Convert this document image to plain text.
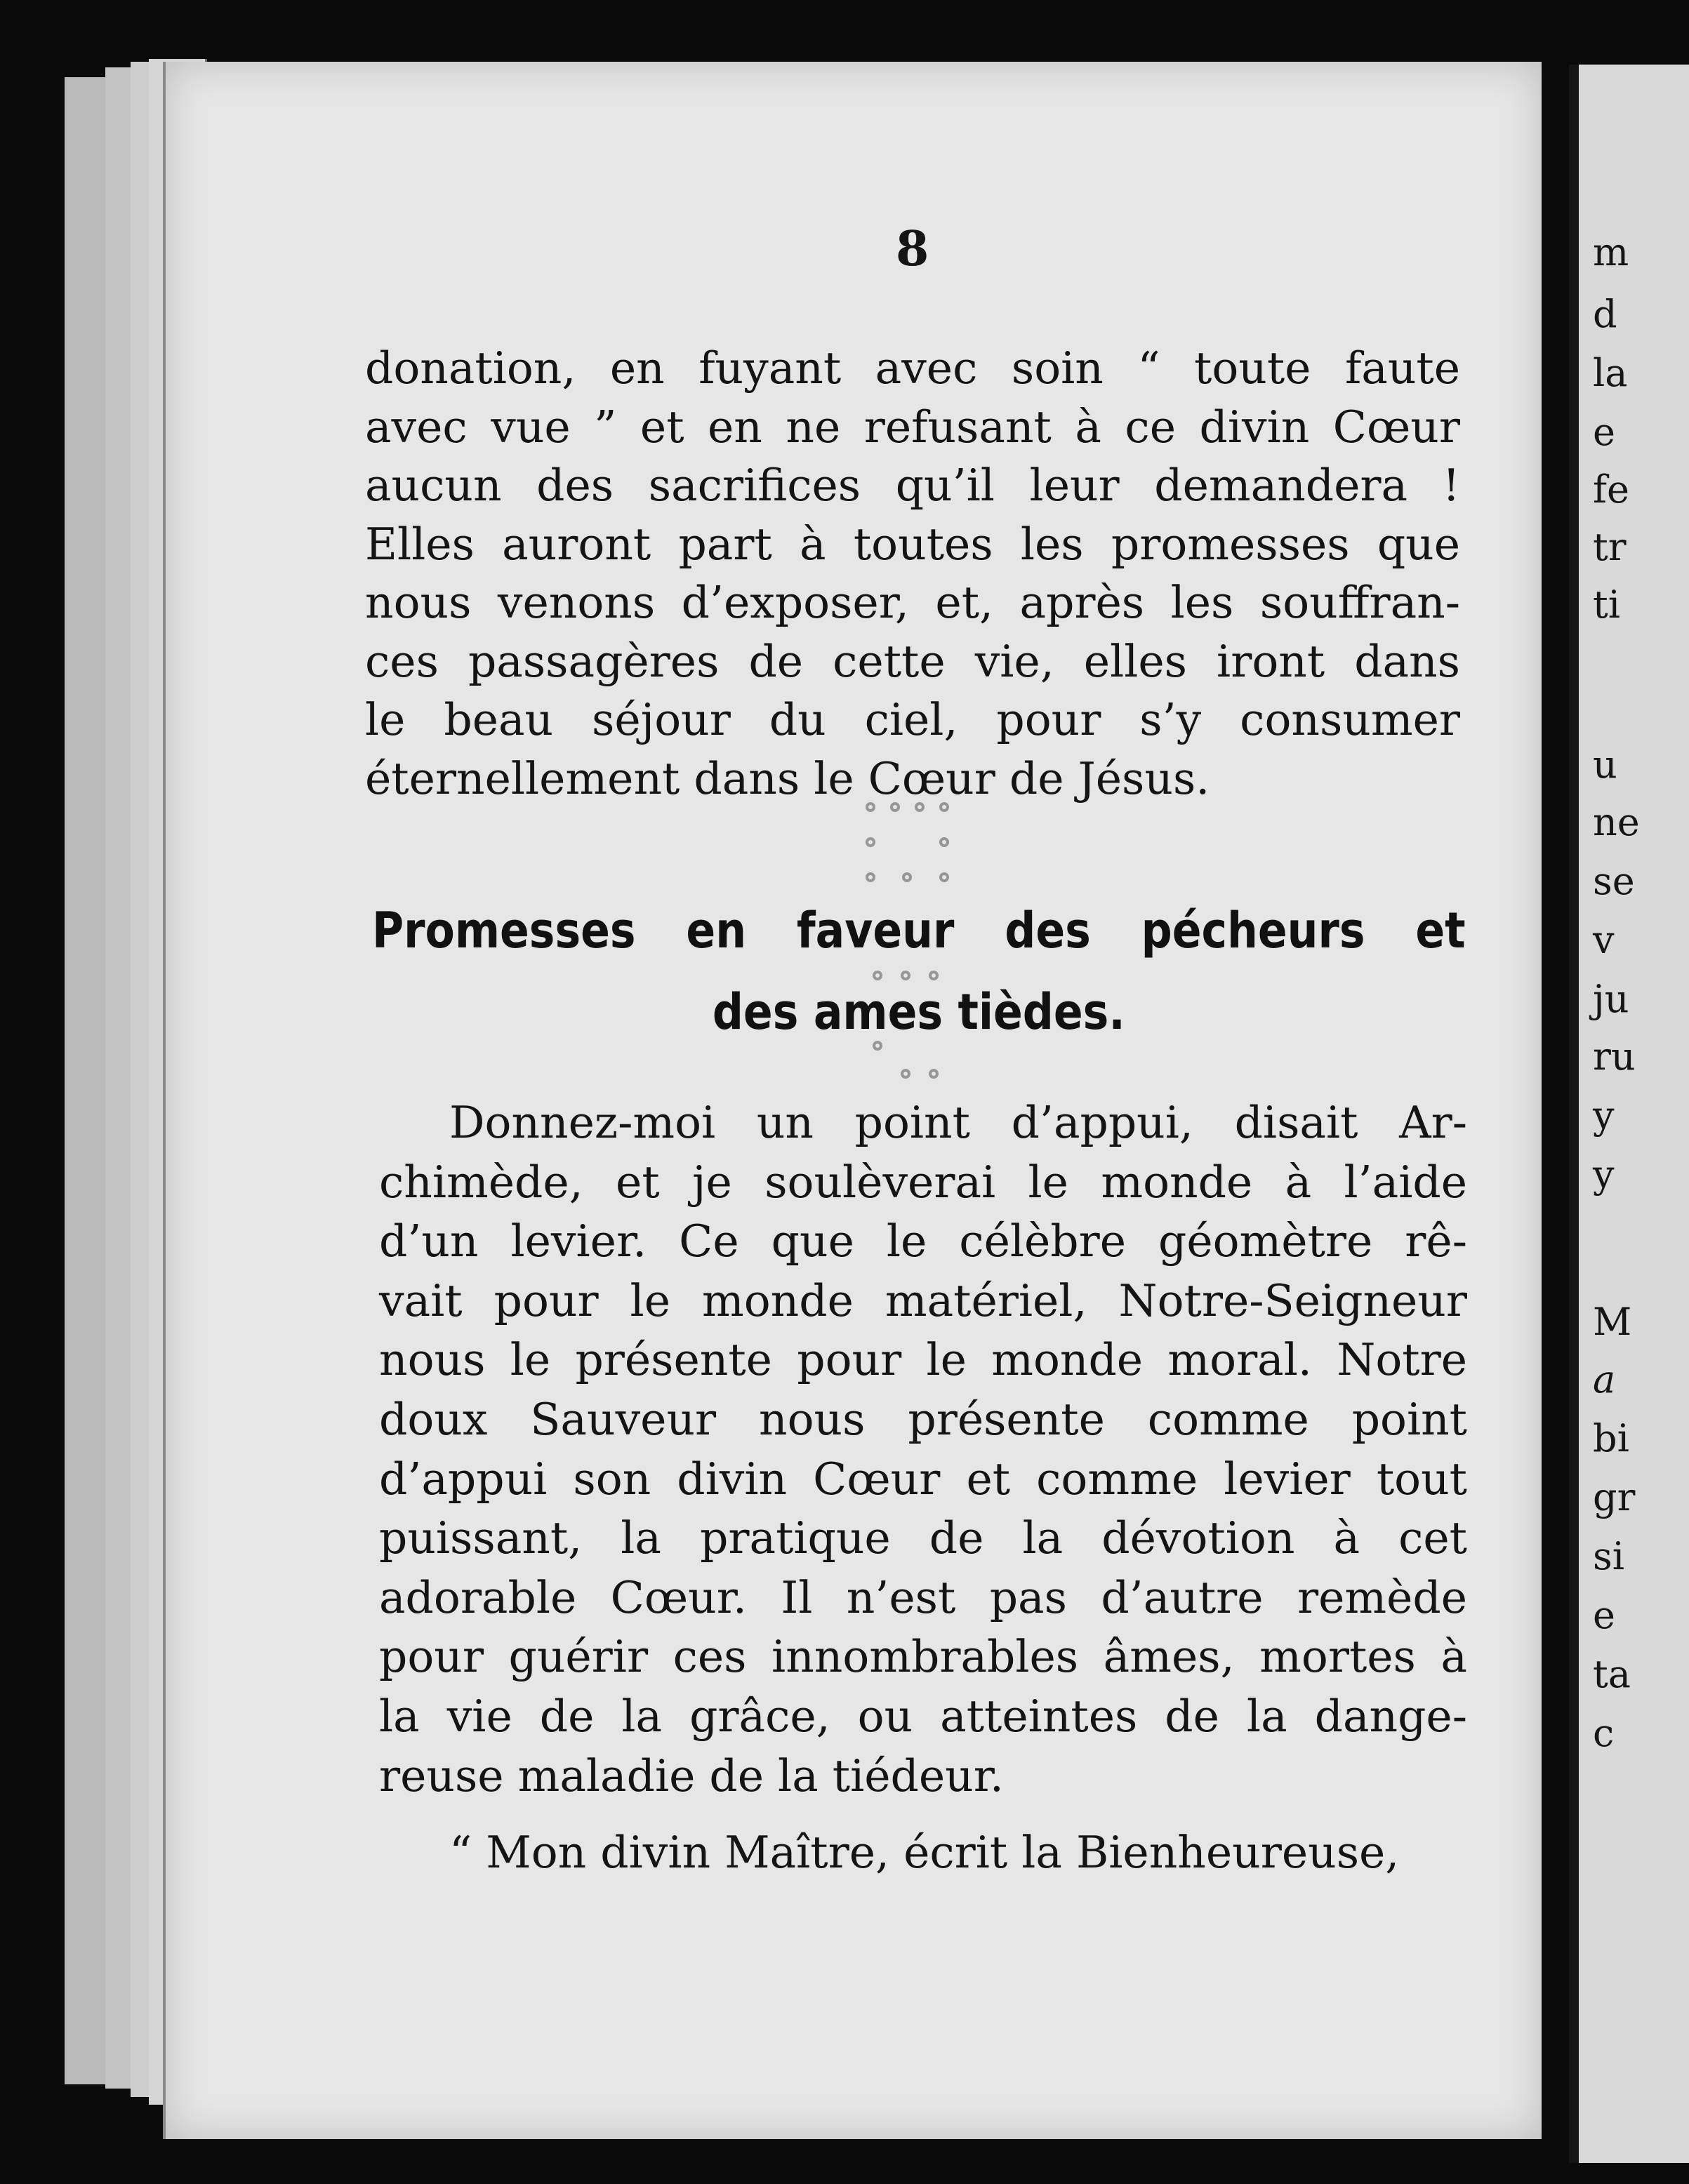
m
d
la
e
fe
tr
ti
u
ne
se
v
ju
ru
y
y
M
a
bi
gr
si
e
ta
c
8
donation, en fuyant avec soin “ toute faute
avec vue ” et en ne refusant à ce divin Cœur
aucun des sacrifices qu’il leur demandera !
Elles auront part à toutes les promesses que
nous venons d’exposer, et, après les souffran-
ces passagères de cette vie, elles iront dans
le beau séjour du ciel, pour s’y consumer
éternellement dans le Cœur de Jésus.
Promesses en faveur des pécheurs et
des ames tièdes.
Donnez-moi un point d’appui, disait Ar-
chimède, et je soulèverai le monde à l’aide
d’un levier. Ce que le célèbre géomètre rê-
vait pour le monde matériel, Notre-Seigneur
nous le présente pour le monde moral. Notre
doux Sauveur nous présente comme point
d’appui son divin Cœur et comme levier tout
puissant, la pratique de la dévotion à cet
adorable Cœur. Il n’est pas d’autre remède
pour guérir ces innombrables âmes, mortes à
la vie de la grâce, ou atteintes de la dange-
reuse maladie de la tiédeur.
“ Mon divin Maître, écrit la Bienheureuse,
